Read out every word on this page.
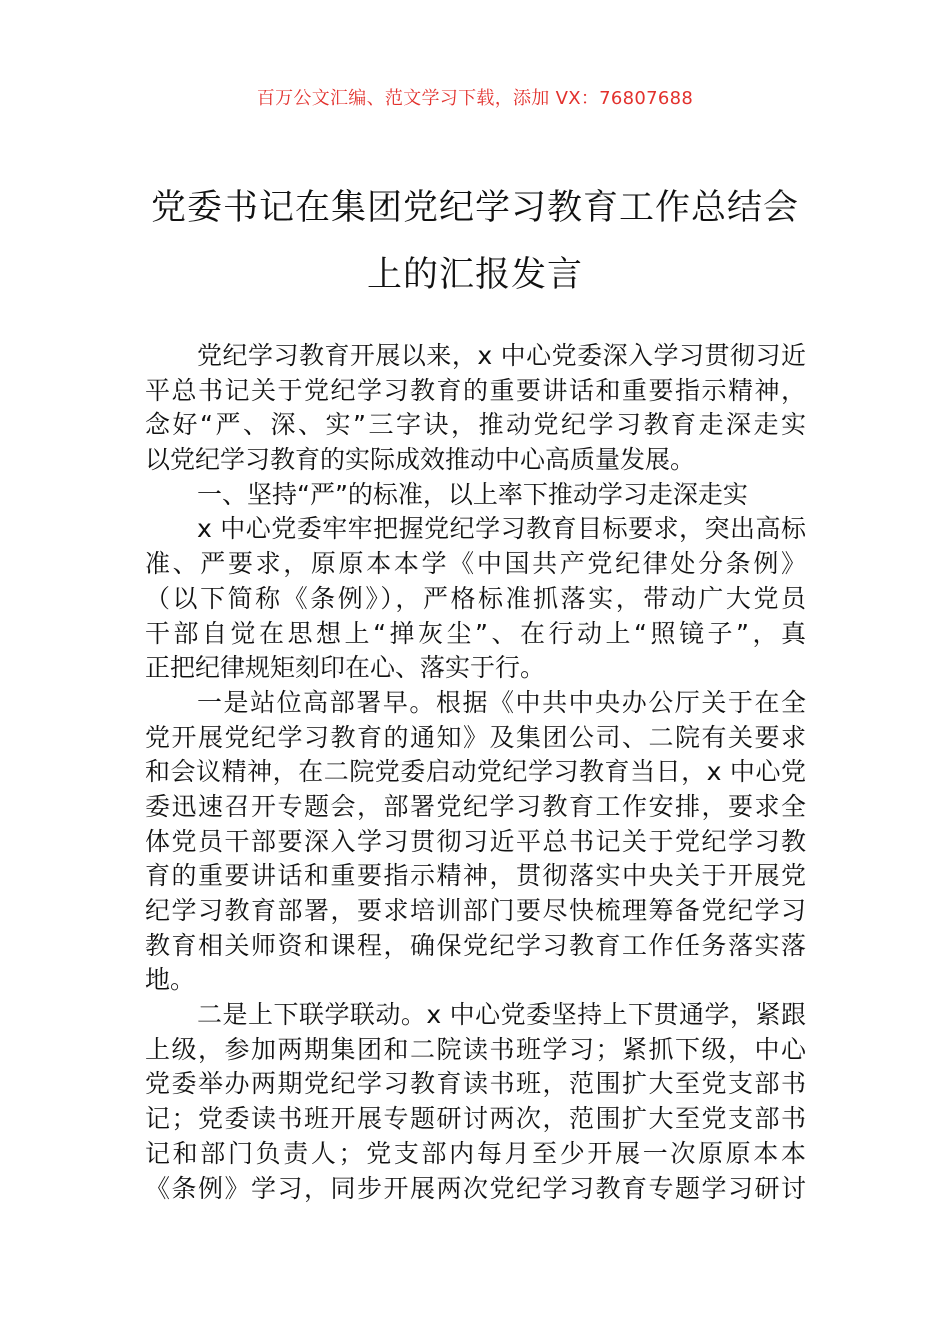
百万公文汇编、范文学习下载，添加 VX：76807688
党委书记在集团党纪学习教育工作总结会
上的汇报发言
党纪学习教育开展以来，x 中心党委深入学习贯彻习近
平总书记关于党纪学习教育的重要讲话和重要指示精神，
念好“严、深、实”三字诀，推动党纪学习教育走深走实
以党纪学习教育的实际成效推动中心高质量发展。
一、坚持“严”的标准，以上率下推动学习走深走实
x 中心党委牢牢把握党纪学习教育目标要求，突出高标
准、严要求，原原本本学《中国共产党纪律处分条例》
（以下简称《条例》），严格标准抓落实，带动广大党员
干部自觉在思想上“掸灰尘”、在行动上“照镜子”，真
正把纪律规矩刻印在心、落实于行。
一是站位高部署早。根据《中共中央办公厅关于在全
党开展党纪学习教育的通知》及集团公司、二院有关要求
和会议精神，在二院党委启动党纪学习教育当日，x 中心党
委迅速召开专题会，部署党纪学习教育工作安排，要求全
体党员干部要深入学习贯彻习近平总书记关于党纪学习教
育的重要讲话和重要指示精神，贯彻落实中央关于开展党
纪学习教育部署，要求培训部门要尽快梳理筹备党纪学习
教育相关师资和课程，确保党纪学习教育工作任务落实落
地。
二是上下联学联动。x 中心党委坚持上下贯通学，紧跟
上级，参加两期集团和二院读书班学习；紧抓下级，中心
党委举办两期党纪学习教育读书班，范围扩大至党支部书
记；党委读书班开展专题研讨两次，范围扩大至党支部书
记和部门负责人；党支部内每月至少开展一次原原本本
《条例》学习，同步开展两次党纪学习教育专题学习研讨
